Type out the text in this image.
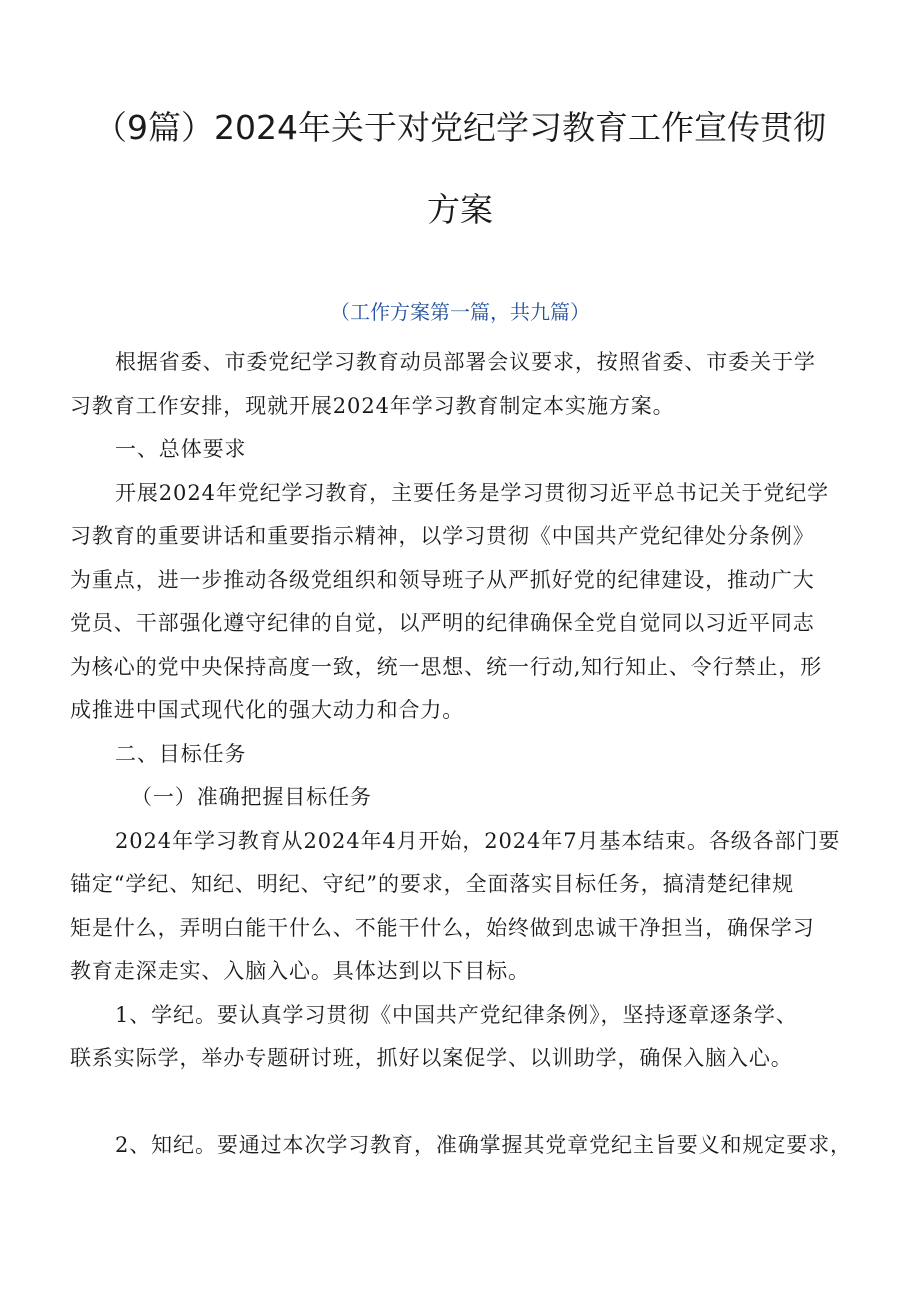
（9篇）2024年关于对党纪学习教育工作宣传贯彻
方案
（工作方案第一篇，共九篇）
根据省委、市委党纪学习教育动员部署会议要求，按照省委、市委关于学
习教育工作安排，现就开展2024年学习教育制定本实施方案。
一、总体要求
开展2024年党纪学习教育，主要任务是学习贯彻习近平总书记关于党纪学
习教育的重要讲话和重要指示精神，以学习贯彻《中国共产党纪律处分条例》
为重点，进一步推动各级党组织和领导班子从严抓好党的纪律建设，推动广大
党员、干部强化遵守纪律的自觉，以严明的纪律确保全党自觉同以习近平同志
为核心的党中央保持高度一致，统一思想、统一行动,知行知止、令行禁止，形
成推进中国式现代化的强大动力和合力。
二、目标任务
（一）准确把握目标任务
2024年学习教育从2024年4月开始，2024年7月基本结束。各级各部门要
锚定“学纪、知纪、明纪、守纪”的要求，全面落实目标任务，搞清楚纪律规
矩是什么，弄明白能干什么、不能干什么，始终做到忠诚干净担当，确保学习
教育走深走实、入脑入心。具体达到以下目标。
1、学纪。要认真学习贯彻《中国共产党纪律条例》，坚持逐章逐条学、
联系实际学，举办专题研讨班，抓好以案促学、以训助学，确保入脑入心。
2、知纪。要通过本次学习教育，准确掌握其党章党纪主旨要义和规定要求，
